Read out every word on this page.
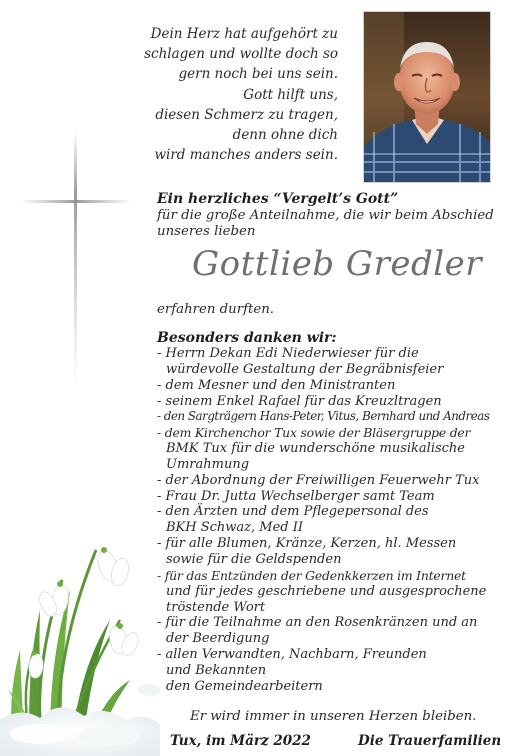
Dein Herz hat aufgehört zu
schlagen und wollte doch so
gern noch bei uns sein.
Gott hilft uns,
diesen Schmerz zu tragen,
denn ohne dich
wird manches anders sein.
Ein herzliches “Vergelt’s Gott”
für die große Anteilnahme, die wir beim Abschied
unseres lieben
Gottlieb Gredler
erfahren durften.
Besonders danken wir:
- Herrn Dekan Edi Niederwieser für die
würdevolle Gestaltung der Begräbnisfeier
- dem Mesner und den Ministranten
- seinem Enkel Rafael für das Kreuzltragen
- den Sargträgern Hans-Peter, Vitus, Bernhard und Andreas
- dem Kirchenchor Tux sowie der Bläsergruppe der
BMK Tux für die wunderschöne musikalische
Umrahmung
- der Abordnung der Freiwilligen Feuerwehr Tux
- Frau Dr. Jutta Wechselberger samt Team
- den Ärzten und dem Pflegepersonal des
BKH Schwaz, Med II
- für alle Blumen, Kränze, Kerzen, hl. Messen
sowie für die Geldspenden
- für das Entzünden der Gedenkkerzen im Internet
und für jedes geschriebene und ausgesprochene
tröstende Wort
- für die Teilnahme an den Rosenkränzen und an
der Beerdigung
- allen Verwandten, Nachbarn, Freunden
und Bekannten
den Gemeindearbeitern
Er wird immer in unseren Herzen bleiben.
Tux, im März 2022	Die Trauerfamilien
